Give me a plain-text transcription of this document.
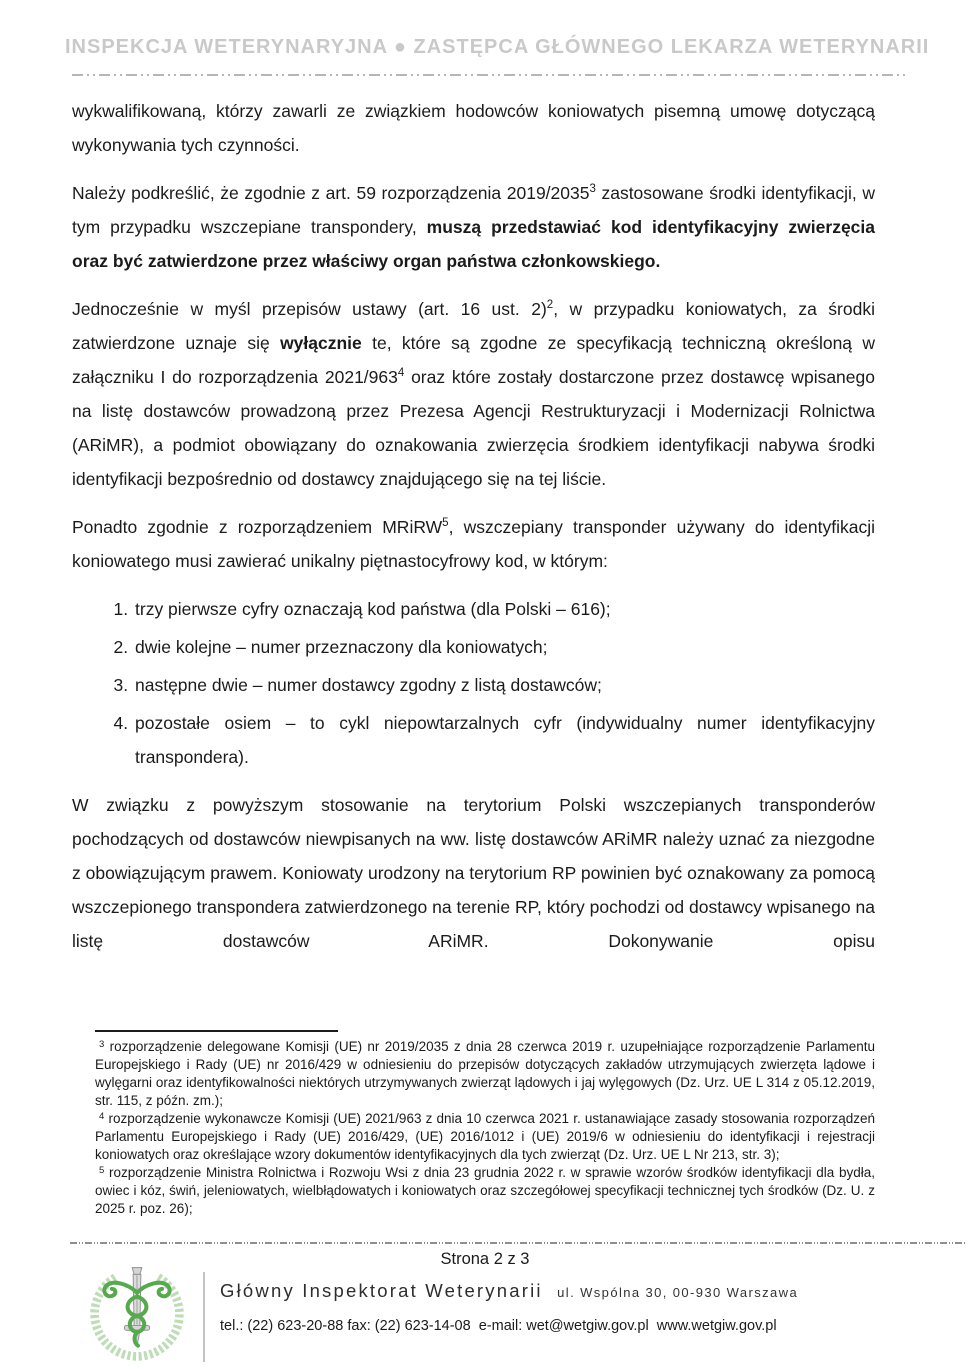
INSPEKCJA WETERYNARYJNA ● ZASTĘPCA GŁÓWNEGO LEKARZA WETERYNARII

wykwalifikowaną, którzy zawarli ze związkiem hodowców koniowatych pisemną umowę dotyczącą wykonywania tych czynności.

Należy podkreślić, że zgodnie z art. 59 rozporządzenia 2019/2035$^3$ zastosowane środki identyfikacji, w tym przypadku wszczepiane transpondery, muszą przedstawiać kod identyfikacyjny zwierzęcia oraz być zatwierdzone przez właściwy organ państwa członkowskiego.

Jednocześnie w myśl przepisów ustawy (art. 16 ust. 2)$^2$, w przypadku koniowatych, za środki zatwierdzone uznaje się wyłącznie te, które są zgodne ze specyfikacją techniczną określoną w załączniku I do rozporządzenia $2021/963^4$ oraz które zostały dostarczone przez dostawcę wpisanego na listę dostawców prowadzoną przez Prezesa Agencji Restrukturyzacji i Modernizacji Rolnictwa (ARiMR), a podmiot obowiązany do oznakowania zwierzęcia środkiem identyfikacji nabywa środki identyfikacji bezpośrednio od dostawcy znajdującego się na tej liście.

Ponadto zgodnie z rozporządzeniem MRiRW$^5$, wszczepiany transponder używany do identyfikacji koniowatego musi zawierać unikalny piętnastocyfrowy kod, w którym:

1. trzy pierwsze cyfry oznaczają kod państwa (dla Polski – 616);
2. dwie kolejne – numer przeznaczony dla koniowatych;
3. następne dwie – numer dostawcy zgodny z listą dostawców;
4. pozostałe osiem – to cykl niepowtarzalnych cyfr (indywidualny numer identyfikacyjny transpondera).

W związku z powyższym stosowanie na terytorium Polski wszczepianych transponderów pochodzących od dostawców niewpisanych na ww. listę dostawców ARiMR należy uznać za niezgodne z obowiązującym prawem. Koniowaty urodzony na terytorium RP powinien być oznakowany za pomocą wszczepionego transpondera zatwierdzonego na terenie RP, który pochodzi od dostawcy wpisanego na listę dostawców ARiMR. Dokonywanie opisu

$^3$ rozporządzenie delegowane Komisji (UE) nr 2019/2035 z dnia 28 czerwca 2019 r. uzupełniające rozporządzenie Parlamentu Europejskiego i Rady (UE) nr 2016/429 w odniesieniu do przepisów dotyczących zakładów utrzymujących zwierzęta lądowe i wylęgarni oraz identyfikowalności niektórych utrzymywanych zwierząt lądowych i jaj wylęgowych (Dz. Urz. UE L 314 z 05.12.2019, str. 115, z późn. zm.);

$^4$ rozporządzenie wykonawcze Komisji (UE) 2021/963 z dnia 10 czerwca 2021 r. ustanawiające zasady stosowania rozporządzeń Parlamentu Europejskiego i Rady (UE) 2016/429, (UE) 2016/1012 i (UE) 2019/6 w odniesieniu do identyfikacji i rejestracji koniowatych oraz określające wzory dokumentów identyfikacyjnych dla tych zwierząt (Dz. Urz. UE L Nr 213, str. 3);

$^5$ rozporządzenie Ministra Rolnictwa i Rozwoju Wsi z dnia 23 grudnia 2022 r. w sprawie wzorów środków identyfikacji dla bydła, owiec i kóz, świń, jeleniowatych, wielbłądowatych i koniowatych oraz szczegółowej specyfikacji technicznej tych środków (Dz. U. z 2025 r. poz. 26);

Strona 2 z 3
Główny Inspektorat Weterynarii ul. Wspólna 30, 00-930 Warszawa
tel.: (22) 623-20-88 fax: (22) 623-14-08  e-mail: wet@wetgiw.gov.pl  www.wetgiw.gov.pl
